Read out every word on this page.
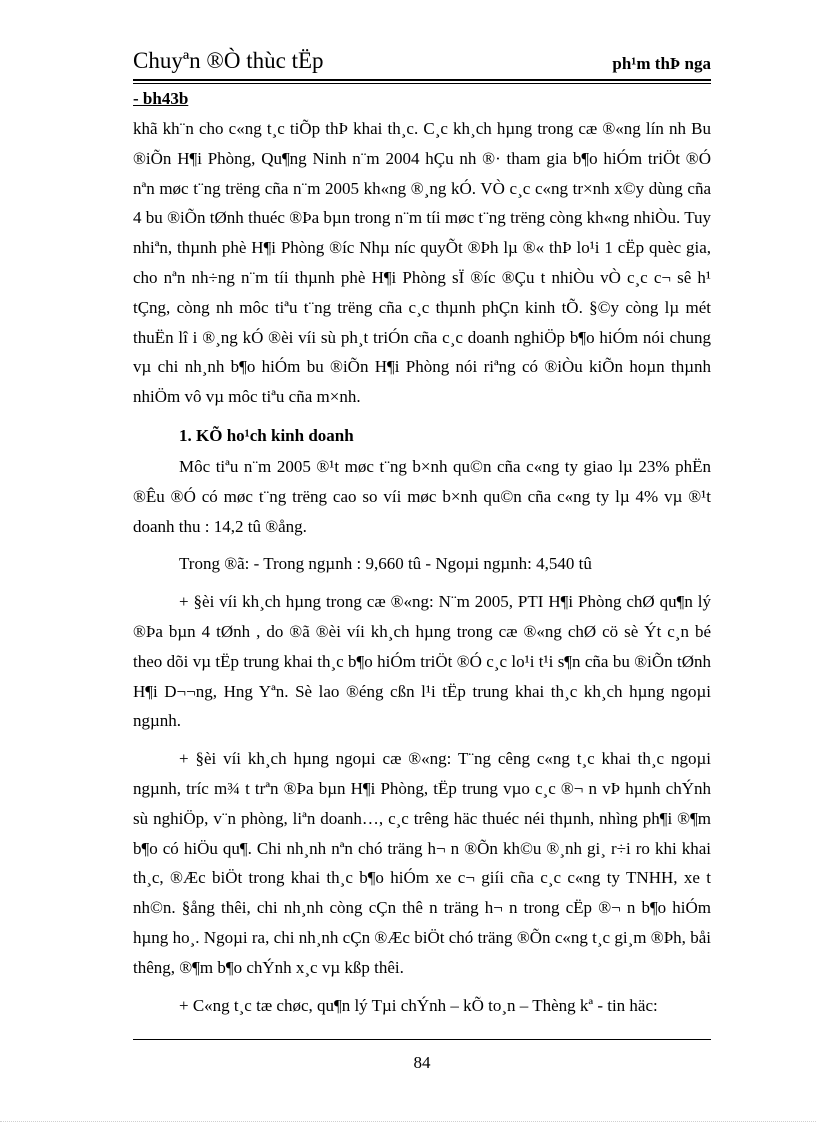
Chuyªn ®Ò thùc tËp	ph¹m thÞ nga
- bh43b

khã kh¨n cho c«ng t¸c tiÕp thÞ khai th¸c. C¸c kh¸ch hµng trong cæ ®«ng lín nh Bu ®iÕn H¶i Phòng, Qu¶ng Ninh n¨m 2004 hÇu nh ®· tham gia b¶o hiÓm triÖt ®Ó nªn møc t¨ng trëng cña n¨m 2005 kh«ng ®¸ng kÓ. VÒ c¸c c«ng tr×nh x©y dùng cña 4 bu ®iÕn tØnh thuéc ®Þa bµn trong n¨m tíi møc t¨ng trëng còng kh«ng nhiÒu. Tuy nhiªn, thµnh phè H¶i Phòng ®íc Nhµ níc quyÕt ®Þh lµ ®« thÞ lo¹i 1 cËp quèc gia, cho nªn nh÷ng n¨m tíi thµnh phè H¶i Phòng sÏ ®íc ®Çu t nhiÒu vÒ c¸c c¬ sê h¹ tÇng, còng nh môc tiªu t¨ng trëng cña c¸c thµnh phÇn kinh tÕ. §©y còng lµ mét thuËn lî i ®¸ng kÓ ®èi víi sù ph¸t triÓn cña c¸c doanh nghiÖp b¶o hiÓm nói chung vµ chi nh¸nh b¶o hiÓm bu ®iÕn H¶i Phòng nói riªng có ®iÒu kiÕn hoµn thµnh nhiÖm vô vµ môc tiªu cña m×nh.

1. KÕ ho¹ch kinh doanh

Môc tiªu n¨m 2005 ®¹t møc t¨ng b×nh qu©n cña c«ng ty giao lµ 23% phËn ®Êu ®Ó có møc t¨ng trëng cao so víi møc b×nh qu©n cña c«ng ty lµ 4% vµ ®¹t doanh thu : 14,2 tû ®ång.

Trong ®ã: - Trong ngµnh : 9,660 tû - Ngoµi ngµnh: 4,540 tû

+ §èi víi kh¸ch hµng trong cæ ®«ng: N¨m 2005, PTI H¶i Phòng chØ qu¶n lý ®Þa bµn 4 tØnh , do ®ã ®èi víi kh¸ch hµng trong cæ ®«ng chØ cö sè Ýt c¸n bé theo dõi vµ tËp trung khai th¸c b¶o hiÓm triÖt ®Ó c¸c lo¹i t¹i s¶n cña bu ®iÕn tØnh H¶i D¬¬ng, Hng Yªn. Sè lao ®éng cßn l¹i tËp trung khai th¸c kh¸ch hµng ngoµi ngµnh.

+ §èi víi kh¸ch hµng ngoµi cæ ®«ng: T¨ng cêng c«ng t¸c khai th¸c ngoµi ngµnh, tríc m¾ t trªn ®Þa bµn H¶i Phòng, tËp trung vµo c¸c ®¬ n vÞ hµnh chÝnh sù nghiÖp, v¨n phòng, liªn doanh…, c¸c trêng häc thuéc néi thµnh, nhìng ph¶i ®¶m b¶o có hiÖu qu¶. Chi nh¸nh nªn chó träng h¬ n ®Õn kh©u ®¸nh gi¸ r÷i ro khi khai th¸c, ®Æc biÖt trong khai th¸c b¶o hiÓm xe c¬ giíi cña c¸c c«ng ty TNHH, xe t nh©n. §ång thêi, chi nh¸nh còng cÇn thê n träng h¬ n trong cËp ®¬ n b¶o hiÓm hµng ho¸. Ngoµi ra, chi nh¸nh cÇn ®Æc biÖt chó träng ®Õn c«ng t¸c gi¸m ®Þh, båi thêng, ®¶m b¶o chÝnh x¸c vµ kßp thêi.

+ C«ng t¸c tæ chøc, qu¶n lý Tµi chÝnh – kÕ to¸n – Thèng kª - tin häc:

84
